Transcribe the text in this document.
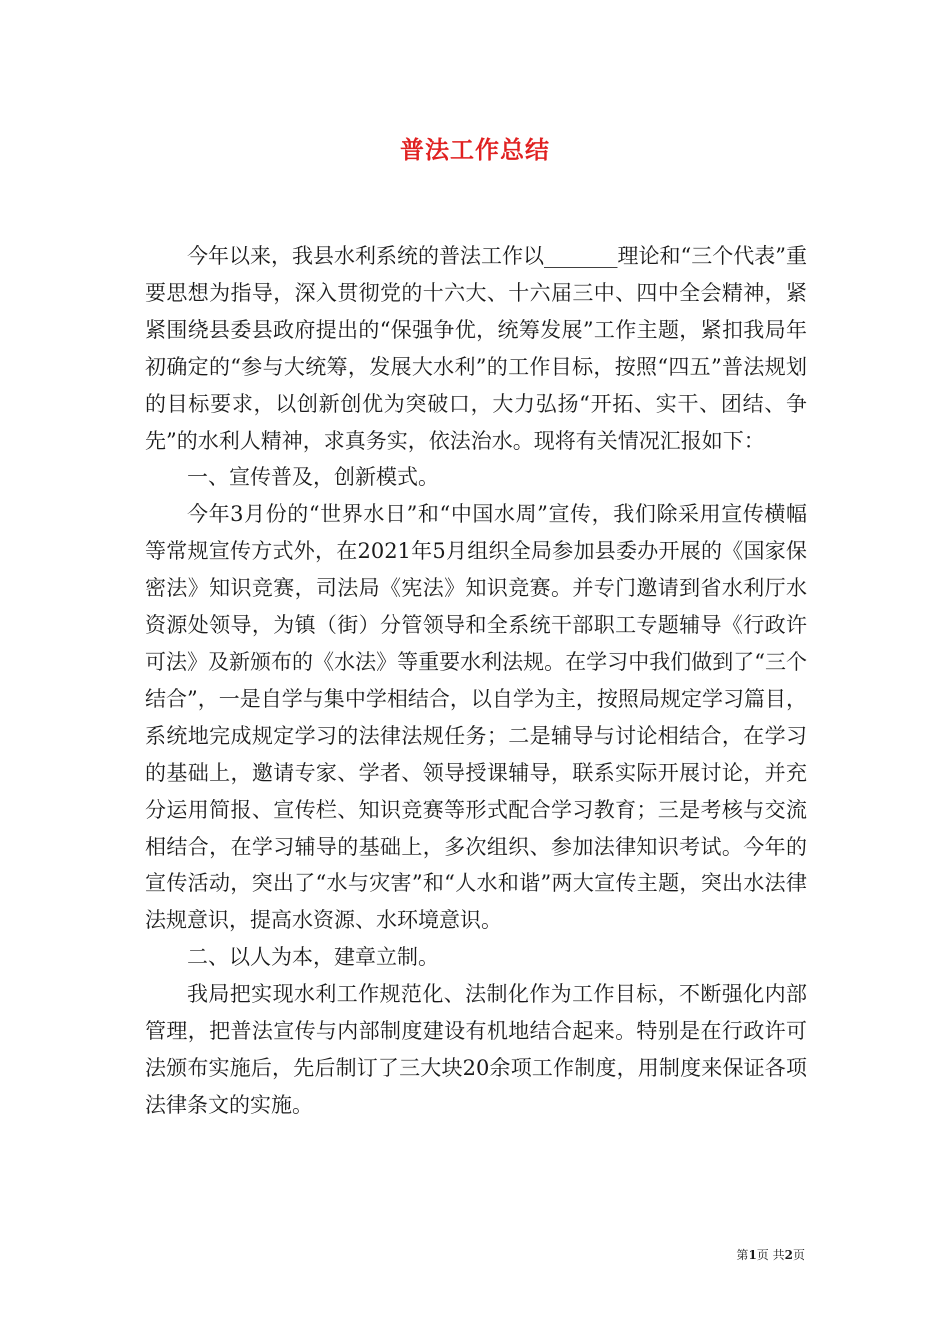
普法工作总结

今年以来，我县水利系统的普法工作以_______理论和“三个代表”重要思想为指导，深入贯彻党的十六大、十六届三中、四中全会精神，紧紧围绕县委县政府提出的“保强争优，统筹发展”工作主题，紧扣我局年初确定的“参与大统筹，发展大水利”的工作目标，按照“四五”普法规划的目标要求，以创新创优为突破口，大力弘扬“开拓、实干、团结、争先”的水利人精神，求真务实，依法治水。现将有关情况汇报如下：

一、宣传普及，创新模式。

今年3月份的“世界水日”和“中国水周”宣传，我们除采用宣传横幅等常规宣传方式外，在2021年5月组织全局参加县委办开展的《国家保密法》知识竞赛，司法局《宪法》知识竞赛。并专门邀请到省水利厅水资源处领导，为镇（街）分管领导和全系统干部职工专题辅导《行政许可法》及新颁布的《水法》等重要水利法规。在学习中我们做到了“三个结合”，一是自学与集中学相结合，以自学为主，按照局规定学习篇目，系统地完成规定学习的法律法规任务；二是辅导与讨论相结合，在学习的基础上，邀请专家、学者、领导授课辅导，联系实际开展讨论，并充分运用简报、宣传栏、知识竞赛等形式配合学习教育；三是考核与交流相结合，在学习辅导的基础上，多次组织、参加法律知识考试。今年的宣传活动，突出了“水与灾害”和“人水和谐”两大宣传主题，突出水法律法规意识，提高水资源、水环境意识。

二、以人为本，建章立制。

我局把实现水利工作规范化、法制化作为工作目标，不断强化内部管理，把普法宣传与内部制度建设有机地结合起来。特别是在行政许可法颁布实施后，先后制订了三大块20余项工作制度，用制度来保证各项法律条文的实施。

第1页 共2页
